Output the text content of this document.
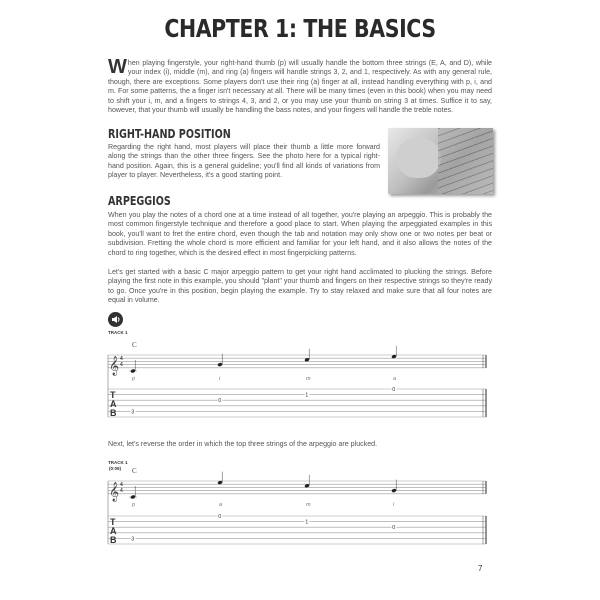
CHAPTER 1: THE BASICS
When playing fingerstyle, your right-hand thumb (p) will usually handle the bottom three strings (E, A, and D), while your index (i), middle (m), and ring (a) fingers will handle strings 3, 2, and 1, respectively. As with any general rule, though, there are exceptions. Some players don't use their ring (a) finger at all, instead handling everything with p, i, and m. For some patterns, the a finger isn't necessary at all. There will be many times (even in this book) when you may need to shift your i, m, and a fingers to strings 4, 3, and 2, or you may use your thumb on string 3 at times. Suffice it to say, however, that your thumb will usually be handling the bass notes, and your fingers will handle the treble notes.
RIGHT-HAND POSITION
Regarding the right hand, most players will place their thumb a little more forward along the strings than the other three fingers. See the photo here for a typical right-hand position. Again, this is a general guideline; you'll find all kinds of variations from player to player. Nevertheless, it's a good starting point.
ARPEGGIOS
When you play the notes of a chord one at a time instead of all together, you're playing an arpeggio. This is probably the most common fingerstyle technique and therefore a good place to start. When playing the arpeggiated examples in this book, you'll want to fret the entire chord, even though the tab and notation may only show one or two notes per beat or subdivision. Fretting the whole chord is more efficient and familiar for your left hand, and it also allows the notes of the chord to ring together, which is the desired effect in most fingerpicking patterns.
Let's get started with a basic C major arpeggio pattern to get your right hand acclimated to plucking the strings. Before playing the first note in this example, you should "plant" your thumb and fingers on their respective strings so they're ready to go. Once you're in this position, begin playing the example. Try to stay relaxed and make sure that all four notes are equal in volume.
TRACK 1
Next, let's reverse the order in which the top three strings of the arpeggio are plucked.
TRACK 1
(0:09)
C
𝄞 4
4
T
A
B
p
3
i
0
m
1
a
0
C
𝄞 4
4
T
A
B
p
3
a
0
m
1
i
0
7
